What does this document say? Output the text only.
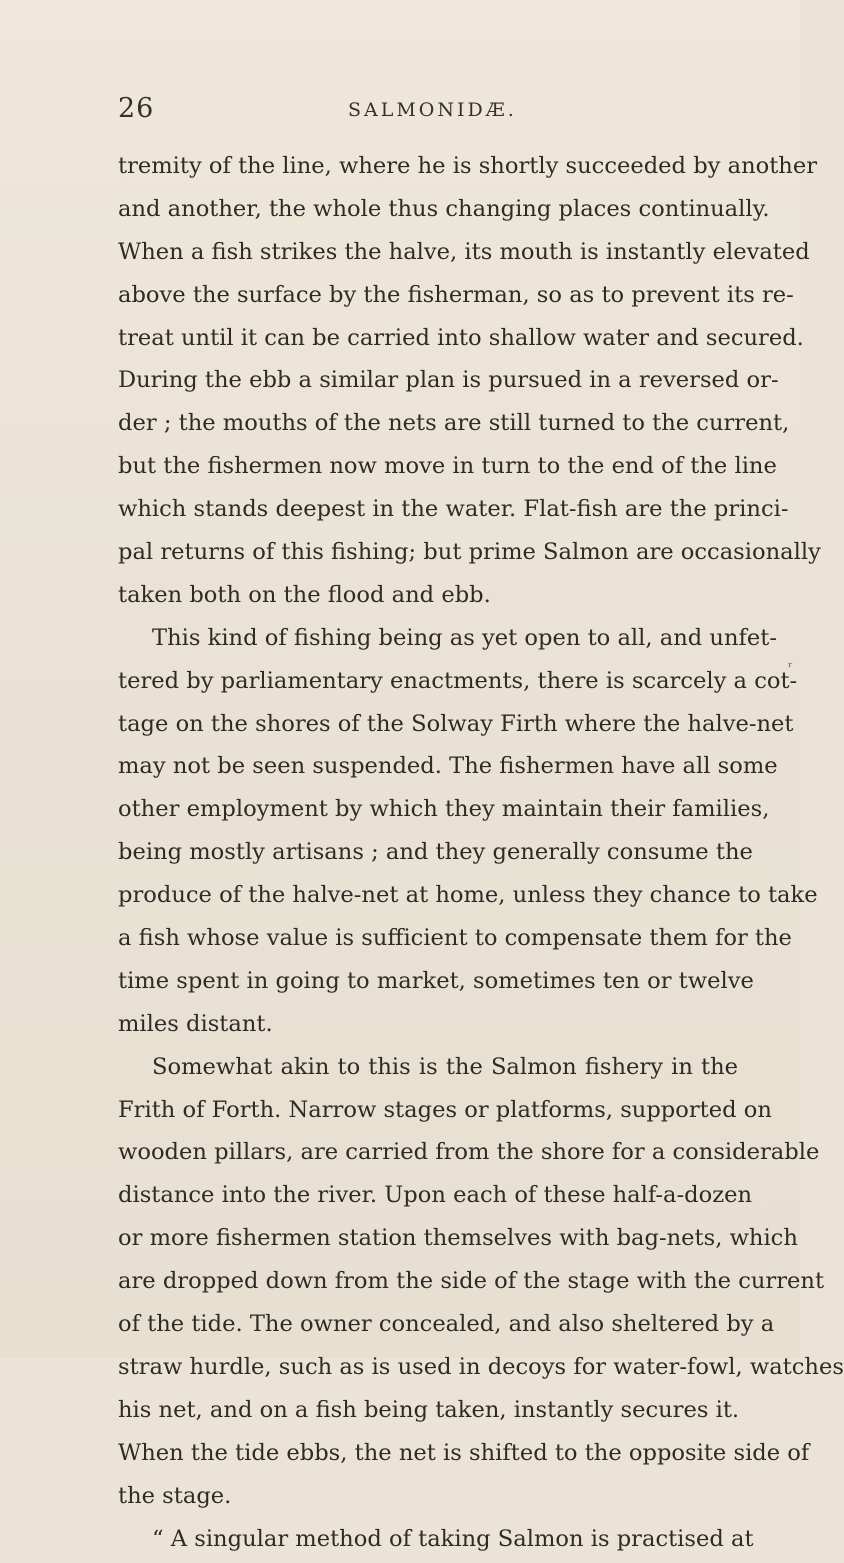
26	SALMONIDÆ.
tremity of the line, where he is shortly succeeded by another
and another, the whole thus changing places continually.
When a fish strikes the halve, its mouth is instantly elevated
above the surface by the fisherman, so as to prevent its re-
treat until it can be carried into shallow water and secured.
During the ebb a similar plan is pursued in a reversed or-
der ; the mouths of the nets are still turned to the current,
but the fishermen now move in turn to the end of the line
which stands deepest in the water. Flat-fish are the princi-
pal returns of this fishing; but prime Salmon are occasionally
taken both on the flood and ebb.
This kind of fishing being as yet open to all, and unfet-
tered by parliamentary enactments, there is scarcely a cot-
tage on the shores of the Solway Firth where the halve-net
may not be seen suspended. The fishermen have all some
other employment by which they maintain their families,
being mostly artisans ; and they generally consume the
produce of the halve-net at home, unless they chance to take
a fish whose value is sufficient to compensate them for the
time spent in going to market, sometimes ten or twelve
miles distant.
Somewhat akin to this is the Salmon fishery in the
Frith of Forth. Narrow stages or platforms, supported on
wooden pillars, are carried from the shore for a considerable
distance into the river. Upon each of these half-a-dozen
or more fishermen station themselves with bag-nets, which
are dropped down from the side of the stage with the current
of the tide. The owner concealed, and also sheltered by a
straw hurdle, such as is used in decoys for water-fowl, watches
his net, and on a fish being taken, instantly secures it.
When the tide ebbs, the net is shifted to the opposite side of
the stage.
“ A singular method of taking Salmon is practised at
ᵣ
